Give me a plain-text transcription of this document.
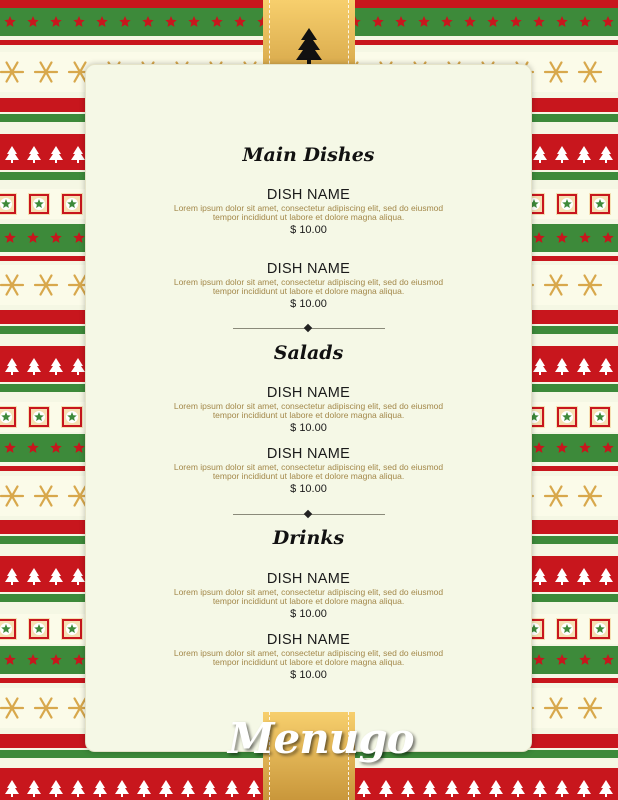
Main Dishes
DISH NAME
Lorem ipsum dolor sit amet, consectetur adipiscing elit, sed do eiusmod
tempor incididunt ut labore et dolore magna aliqua.
$ 10.00
DISH NAME
Lorem ipsum dolor sit amet, consectetur adipiscing elit, sed do eiusmod
tempor incididunt ut labore et dolore magna aliqua.
$ 10.00
Salads
DISH NAME
Lorem ipsum dolor sit amet, consectetur adipiscing elit, sed do eiusmod
tempor incididunt ut labore et dolore magna aliqua.
$ 10.00
DISH NAME
Lorem ipsum dolor sit amet, consectetur adipiscing elit, sed do eiusmod
tempor incididunt ut labore et dolore magna aliqua.
$ 10.00
Drinks
DISH NAME
Lorem ipsum dolor sit amet, consectetur adipiscing elit, sed do eiusmod
tempor incididunt ut labore et dolore magna aliqua.
$ 10.00
DISH NAME
Lorem ipsum dolor sit amet, consectetur adipiscing elit, sed do eiusmod
tempor incididunt ut labore et dolore magna aliqua.
$ 10.00
Menugo
